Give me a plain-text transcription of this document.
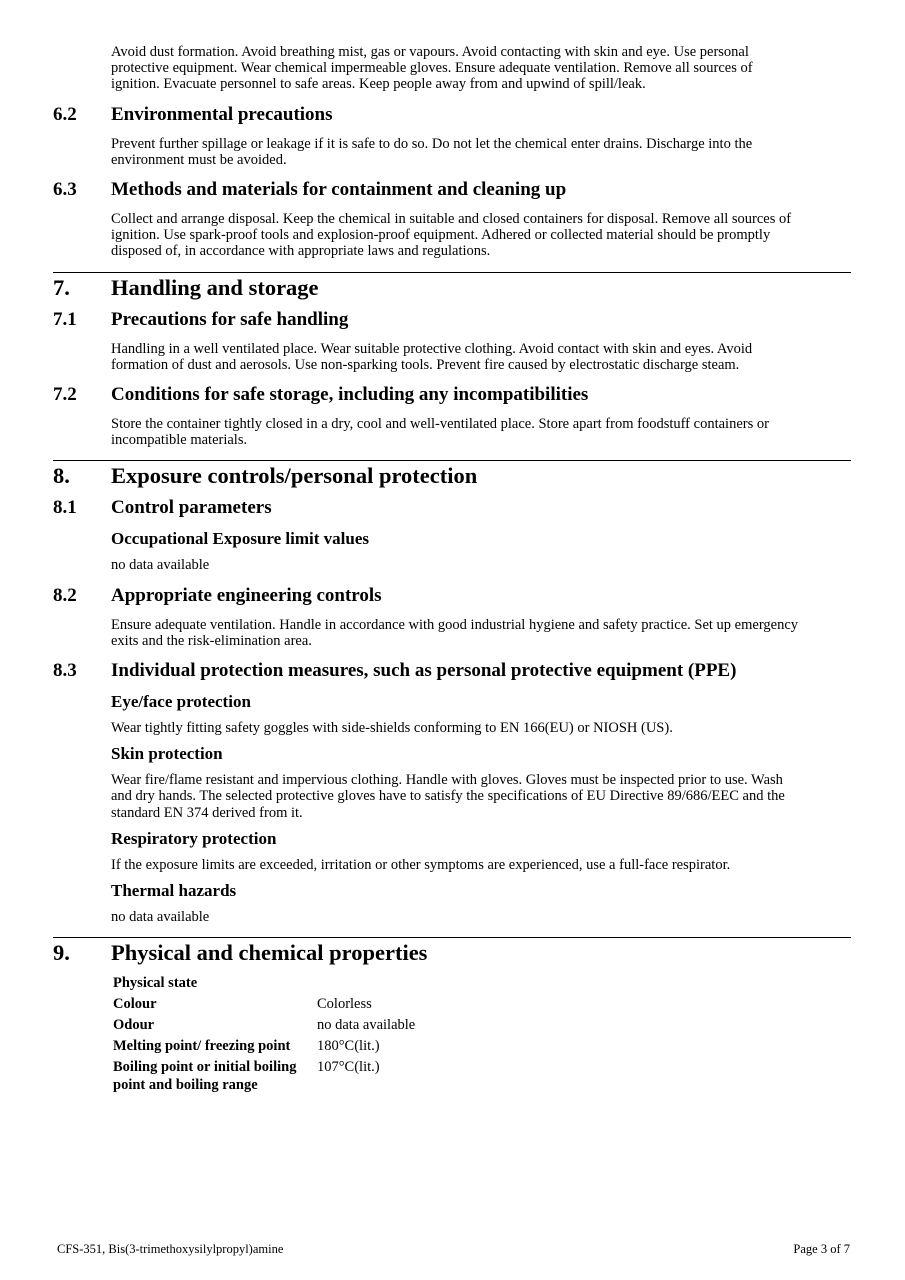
Avoid dust formation. Avoid breathing mist, gas or vapours. Avoid contacting with skin and eye. Use personal protective equipment. Wear chemical impermeable gloves. Ensure adequate ventilation. Remove all sources of ignition. Evacuate personnel to safe areas. Keep people away from and upwind of spill/leak.
6.2	Environmental precautions
Prevent further spillage or leakage if it is safe to do so. Do not let the chemical enter drains. Discharge into the environment must be avoided.
6.3	Methods and materials for containment and cleaning up
Collect and arrange disposal. Keep the chemical in suitable and closed containers for disposal. Remove all sources of ignition. Use spark-proof tools and explosion-proof equipment. Adhered or collected material should be promptly disposed of, in accordance with appropriate laws and regulations.
7.	Handling and storage
7.1	Precautions for safe handling
Handling in a well ventilated place. Wear suitable protective clothing. Avoid contact with skin and eyes. Avoid formation of dust and aerosols. Use non-sparking tools. Prevent fire caused by electrostatic discharge steam.
7.2	Conditions for safe storage, including any incompatibilities
Store the container tightly closed in a dry, cool and well-ventilated place. Store apart from foodstuff containers or incompatible materials.
8.	Exposure controls/personal protection
8.1	Control parameters
Occupational Exposure limit values
no data available
8.2	Appropriate engineering controls
Ensure adequate ventilation. Handle in accordance with good industrial hygiene and safety practice. Set up emergency exits and the risk-elimination area.
8.3	Individual protection measures, such as personal protective equipment (PPE)
Eye/face protection
Wear tightly fitting safety goggles with side-shields conforming to EN 166(EU) or NIOSH (US).
Skin protection
Wear fire/flame resistant and impervious clothing. Handle with gloves. Gloves must be inspected prior to use. Wash and dry hands. The selected protective gloves have to satisfy the specifications of EU Directive 89/686/EEC and the standard EN 374 derived from it.
Respiratory protection
If the exposure limits are exceeded, irritation or other symptoms are experienced, use a full-face respirator.
Thermal hazards
no data available
9.	Physical and chemical properties
Physical state	
Colour	Colorless
Odour	no data available
Melting point/ freezing point	180°C(lit.)
Boiling point or initial boiling point and boiling range	107°C(lit.)
CFS-351, Bis(3-trimethoxysilylpropyl)amine	Page 3 of 7
